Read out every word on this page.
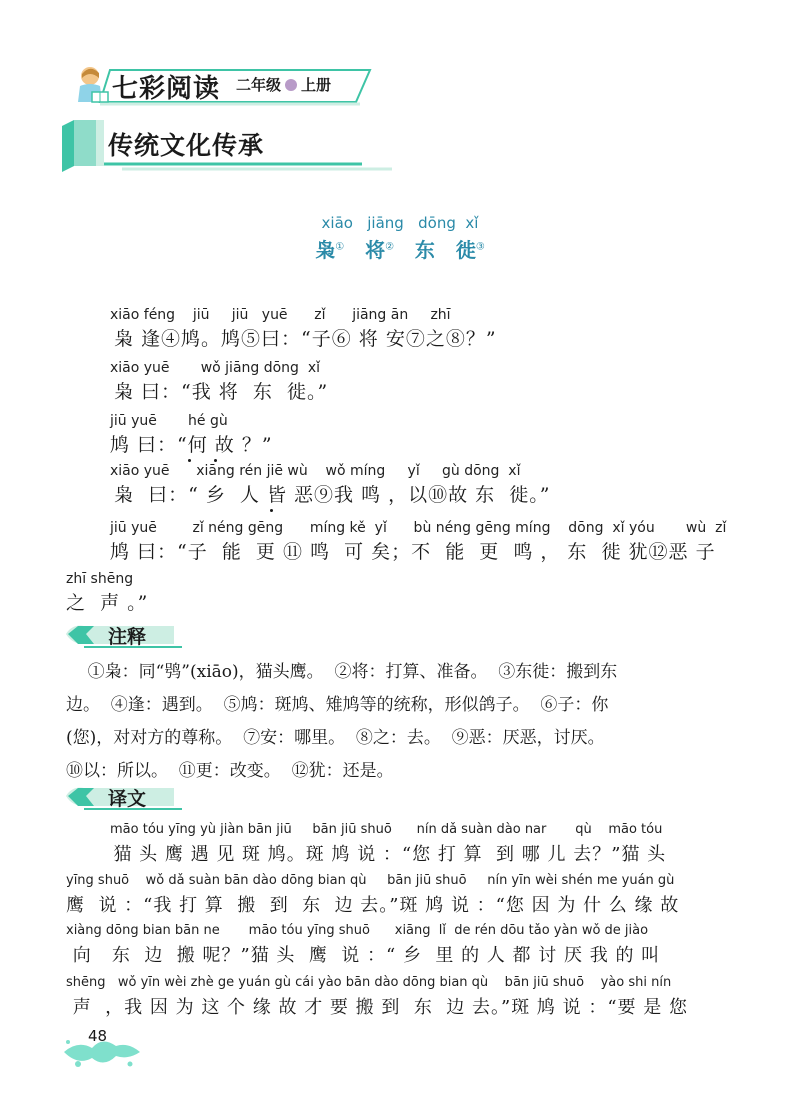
七彩阅读 二年级 上册
传统文化传承
xiāo   jiāng   dōng  xǐ
枭① 将② 东 徙③
xiāo féng    jiū     jiū   yuē      zǐ      jiāng ān     zhī
枭 逢④鸠。鸠⑤曰：“子⑥ 将 安⑦之⑧？”
xiāo yuē       wǒ jiāng dōng  xǐ
枭 曰：“我 将  东  徙。”
jiū yuē       hé gù
鸠 曰：“何 故 ？”
xiāo yuē      xiāng rén jiē wù    wǒ míng     yǐ     gù dōng  xǐ
枭  曰：“ 乡  人 皆 恶⑨我 鸣 ，以⑩故 东  徙。”
jiū yuē        zǐ néng gēng      míng kě  yǐ      bù néng gēng míng    dōng  xǐ yóu       wù  zǐ
鸠 曰：“子  能  更 ⑪ 鸣  可 矣；不  能  更  鸣 ， 东  徙 犹⑫恶 子
zhī shēng
之  声 。”
注释
①枭：同“鸮”(xiāo)，猫头鹰。  ②将：打算、准备。  ③东徙：搬到东
边。  ④逢：遇到。  ⑤鸠：斑鸠、雉鸠等的统称，形似鸽子。  ⑥子：你
(您)，对对方的尊称。  ⑦安：哪里。  ⑧之：去。  ⑨恶：厌恶，讨厌。
⑩以：所以。  ⑪更：改变。  ⑫犹：还是。
译文
māo tóu yīng yù jiàn bān jiū     bān jiū shuō      nín dǎ suàn dào nar       qù    māo tóu
猫 头 鹰 遇 见 斑 鸠。斑 鸠 说 ：“您 打 算  到 哪 儿 去？”猫 头
yīng shuō    wǒ dǎ suàn bān dào dōng bian qù     bān jiū shuō     nín yīn wèi shén me yuán gù
鹰  说 ：“我 打 算  搬  到  东  边 去。”斑 鸠 说 ：“您 因 为 什 么 缘 故
xiàng dōng bian bān ne       māo tóu yīng shuō      xiāng  lǐ  de rén dōu tǎo yàn wǒ de jiào
向   东  边  搬 呢？”猫 头  鹰  说 ：“ 乡  里 的 人 都 讨 厌 我 的 叫
shēng   wǒ yīn wèi zhè ge yuán gù cái yào bān dào dōng bian qù    bān jiū shuō    yào shi nín
声  ，我 因 为 这 个 缘 故 才 要 搬 到  东  边 去。”斑 鸠 说 ：“要 是 您
48
